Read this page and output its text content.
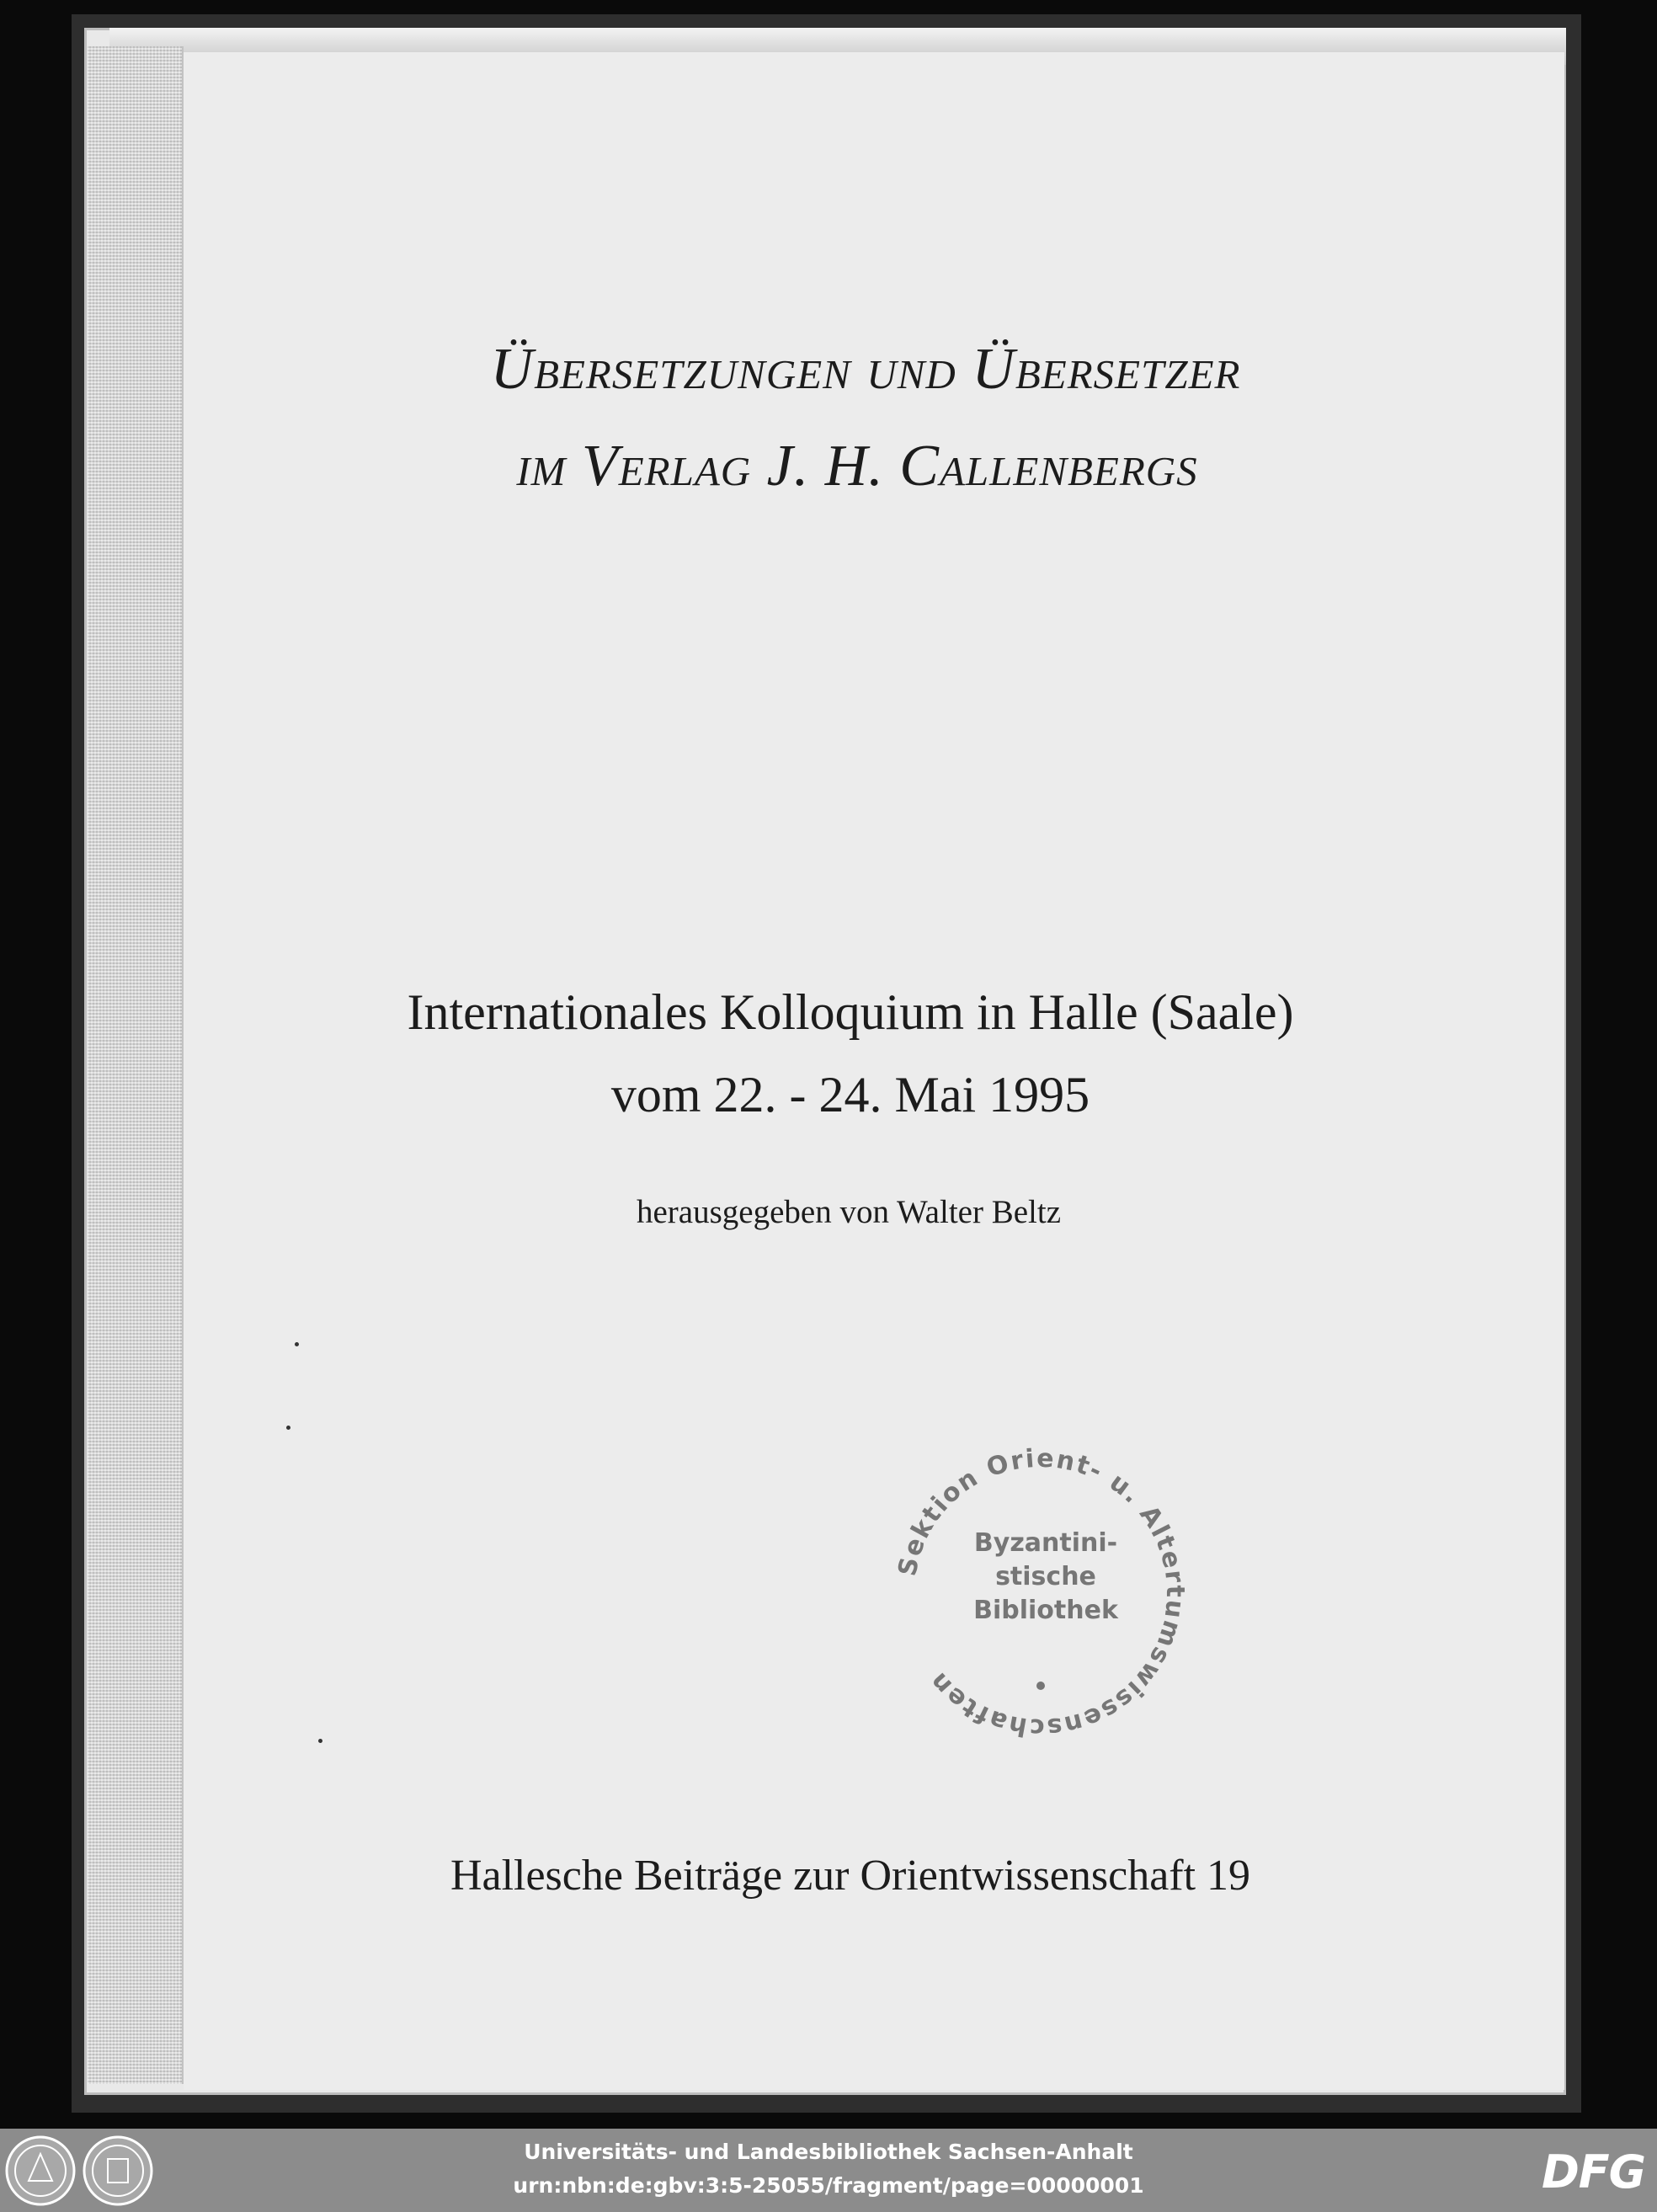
Übersetzungen und Übersetzer
im Verlag J. H. Callenbergs
Internationales Kolloquium in Halle (Saale)
vom 22. - 24. Mai 1995
herausgegeben von Walter Beltz
Sektion Orient- u. Altertumswissenschaften
Byzantini-
stische
Bibliothek
Hallesche Beiträge zur Orientwissenschaft 19
Universitäts- und Landesbibliothek Sachsen-Anhalt
urn:nbn:de:gbv:3:5-25055/fragment/page=00000001	DFG
